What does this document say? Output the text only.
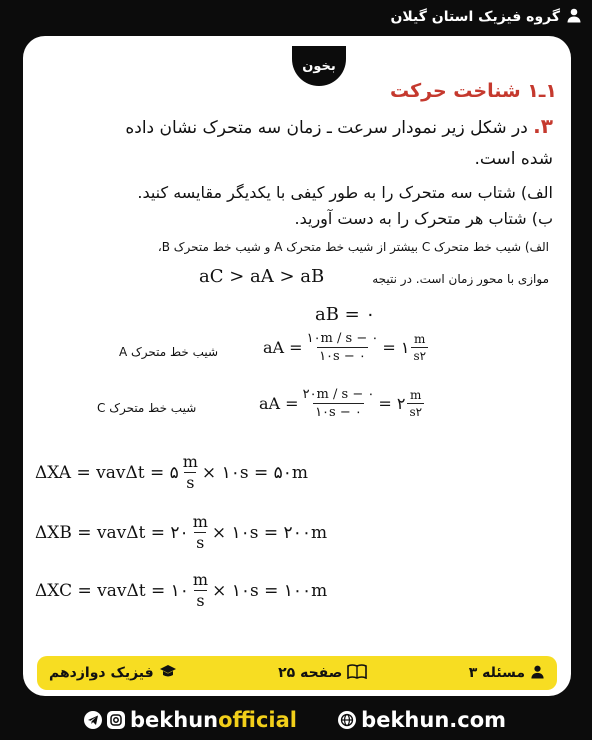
گروه فیزیک استان گیلان
بخون
۱ـ۱ شناخت حرکت
۳. در شکل زیر نمودار سرعت ـ زمان سه متحرک نشان داده
شده است.
الف) شتاب سه متحرک را به طور کیفی با یکدیگر مقایسه کنید.
ب) شتاب هر متحرک را به دست آورید.
الف) شیب خط متحرک C بیشتر از شیب خط متحرک A و شیب خط متحرک B،
موازی با محور زمان است. در نتیجه
aC > aA > aB
aB = ۰
شیب خط متحرک A	aA = $\frac{۱۰m / s - ۰}{۱۰s - ۰}$ = ۱ $\frac{m}{s۲}$
شیب خط متحرک C	aA = $\frac{۲۰m / s - ۰}{۱۰s - ۰}$ = ۲ $\frac{m}{s۲}$
ΔXA = vavΔt = ۵ $\frac{m}{s}$ × ۱۰s = ۵۰m
ΔXB = vavΔt = ۲۰ $\frac{m}{s}$ × ۱۰s = ۲۰۰m
ΔXC = vavΔt = ۱۰ $\frac{m}{s}$ × ۱۰s = ۱۰۰m
مسئله ۳
صفحه ۲۵
فیزیک دوازدهم
bekhunofficial	bekhun.com
